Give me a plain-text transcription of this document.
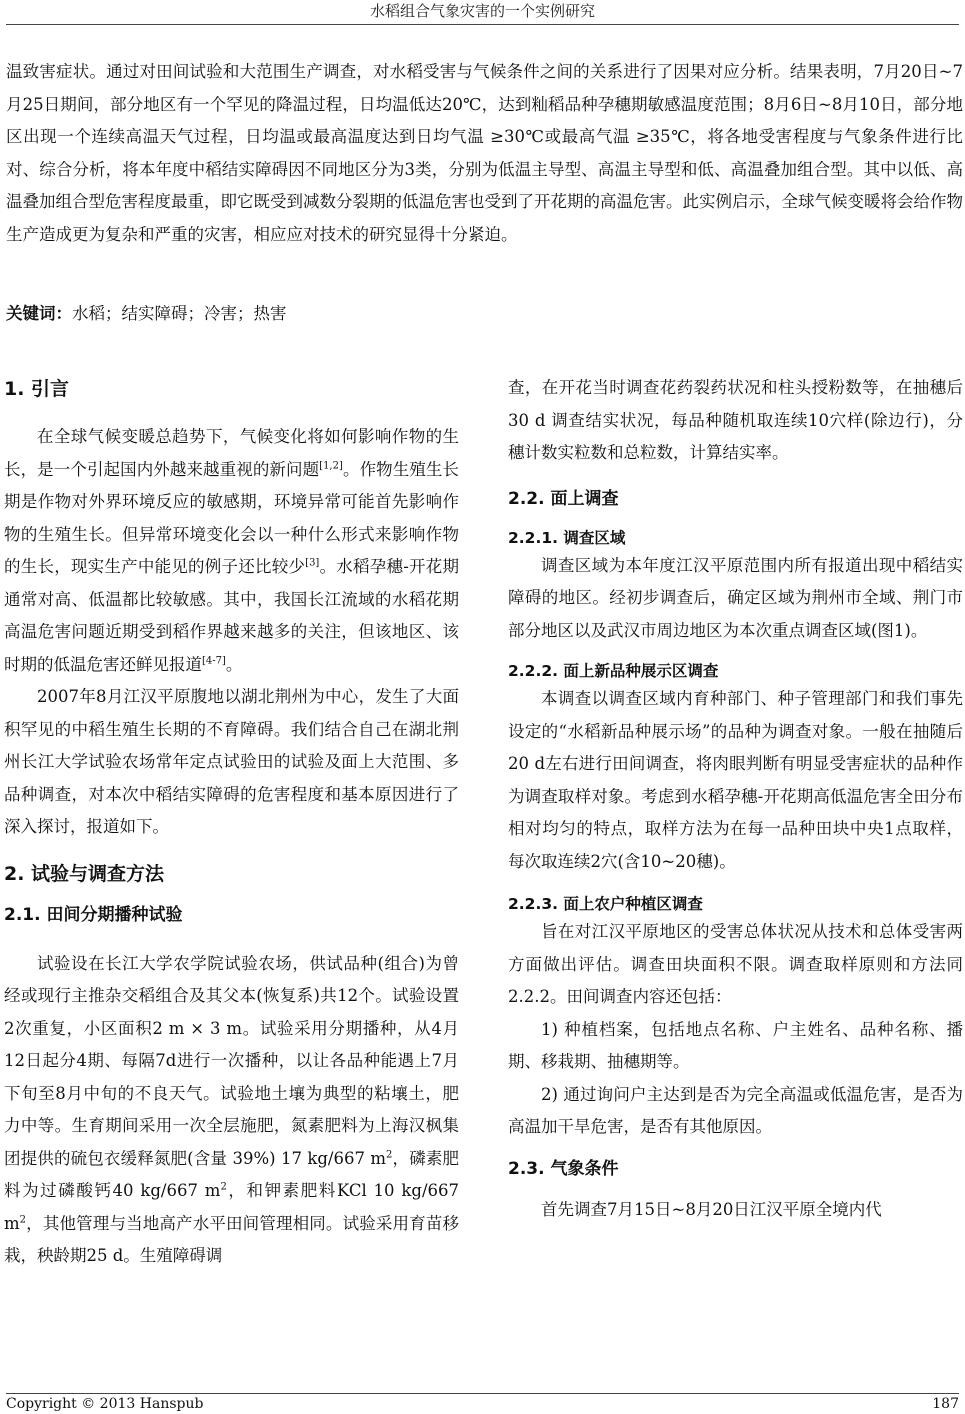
水稻组合气象灾害的一个实例研究

温致害症状。通过对田间试验和大范围生产调查，对水稻受害与气候条件之间的关系进行了因果对应分析。结果表明，7月20日~7月25日期间，部分地区有一个罕见的降温过程，日均温低达20℃，达到籼稻品种孕穗期敏感温度范围；8月6日~8月10日，部分地区出现一个连续高温天气过程，日均温或最高温度达到日均气温 ≥30℃或最高气温 ≥35℃，将各地受害程度与气象条件进行比对、综合分析，将本年度中稻结实障碍因不同地区分为3类，分别为低温主导型、高温主导型和低、高温叠加组合型。其中以低、高温叠加组合型危害程度最重，即它既受到减数分裂期的低温危害也受到了开花期的高温危害。此实例启示，全球气候变暖将会给作物生产造成更为复杂和严重的灾害，相应应对技术的研究显得十分紧迫。

关键词：水稻；结实障碍；冷害；热害

1. 引言

在全球气候变暖总趋势下，气候变化将如何影响作物的生长，是一个引起国内外越来越重视的新问题[1,2]。作物生殖生长期是作物对外界环境反应的敏感期，环境异常可能首先影响作物的生殖生长。但异常环境变化会以一种什么形式来影响作物的生长，现实生产中能见的例子还比较少[3]。水稻孕穗-开花期通常对高、低温都比较敏感。其中，我国长江流域的水稻花期高温危害问题近期受到稻作界越来越多的关注，但该地区、该时期的低温危害还鲜见报道[4-7]。

2007年8月江汉平原腹地以湖北荆州为中心，发生了大面积罕见的中稻生殖生长期的不育障碍。我们结合自己在湖北荆州长江大学试验农场常年定点试验田的试验及面上大范围、多品种调查，对本次中稻结实障碍的危害程度和基本原因进行了深入探讨，报道如下。

2. 试验与调查方法
2.1. 田间分期播种试验

试验设在长江大学农学院试验农场，供试品种(组合)为曾经或现行主推杂交稻组合及其父本(恢复系)共12个。试验设置2次重复，小区面积2 m × 3 m。试验采用分期播种，从4月12日起分4期、每隔7d进行一次播种，以让各品种能遇上7月下旬至8月中旬的不良天气。试验地土壤为典型的粘壤土，肥力中等。生育期间采用一次全层施肥，氮素肥料为上海汉枫集团提供的硫包衣缓释氮肥(含量 39%) 17 kg/667 $m^2$，磷素肥料为过磷酸钙40 kg/667 $m^2$，和钾素肥料KCl 10 kg/667 $m^2$，其他管理与当地高产水平田间管理相同。试验采用育苗移栽，秧龄期25 d。生殖障碍调

查，在开花当时调查花药裂药状况和柱头授粉数等，在抽穗后 30 d 调查结实状况，每品种随机取连续10穴样(除边行)，分穗计数实粒数和总粒数，计算结实率。

2.2. 面上调查
2.2.1. 调查区域

调查区域为本年度江汉平原范围内所有报道出现中稻结实障碍的地区。经初步调查后，确定区域为荆州市全域、荆门市部分地区以及武汉市周边地区为本次重点调查区域(图1)。

2.2.2. 面上新品种展示区调查

本调查以调查区域内育种部门、种子管理部门和我们事先设定的“水稻新品种展示场”的品种为调查对象。一般在抽随后20 d左右进行田间调查，将肉眼判断有明显受害症状的品种作为调查取样对象。考虑到水稻孕穗-开花期高低温危害全田分布相对均匀的特点，取样方法为在每一品种田块中央1点取样，每次取连续2穴(含10~20穗)。

2.2.3. 面上农户种植区调查

旨在对江汉平原地区的受害总体状况从技术和总体受害两方面做出评估。调查田块面积不限。调查取样原则和方法同2.2.2。田间调查内容还包括：

1) 种植档案，包括地点名称、户主姓名、品种名称、播期、移栽期、抽穗期等。

2) 通过询问户主达到是否为完全高温或低温危害，是否为高温加干旱危害，是否有其他原因。

2.3. 气象条件

首先调查7月15日~8月20日江汉平原全境内代

Copyright © 2013 Hanspub	187
